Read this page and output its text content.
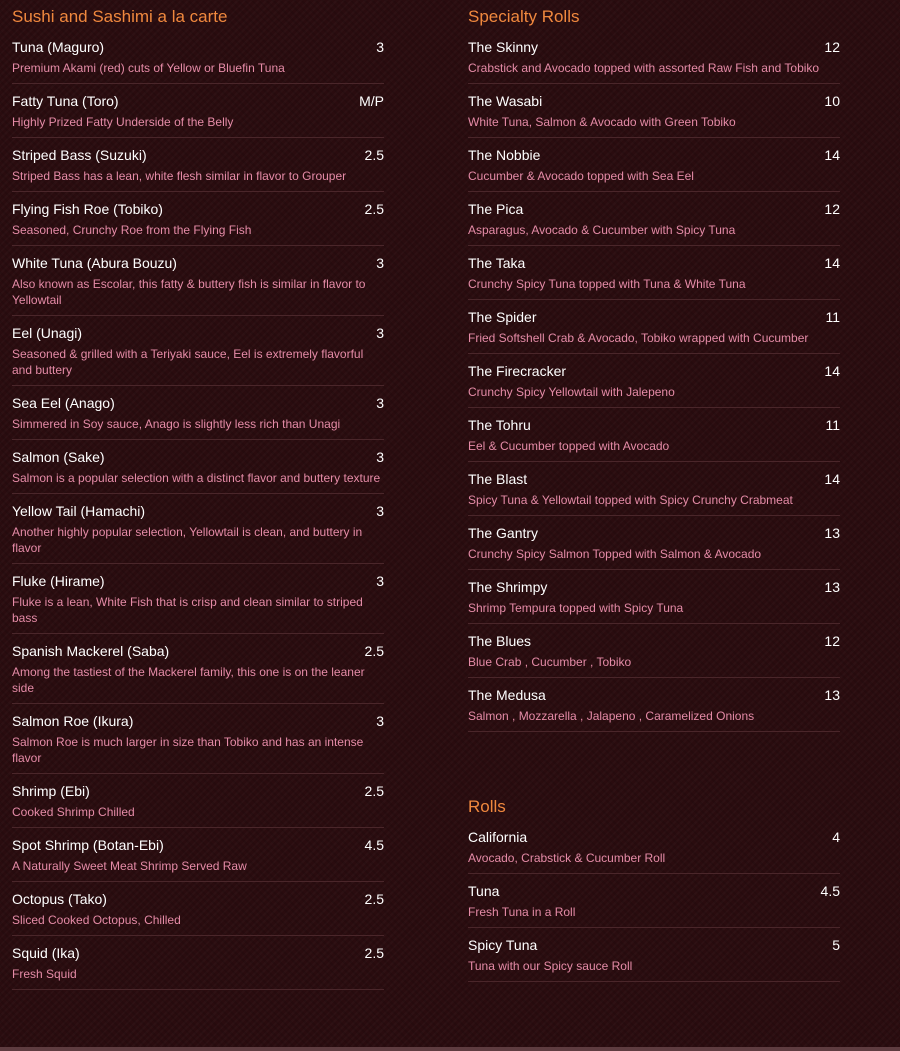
Sushi and Sashimi a la carte
Tuna (Maguro)	3
Premium Akami (red) cuts of Yellow or Bluefin Tuna
Fatty Tuna (Toro)	M/P
Highly Prized Fatty Underside of the Belly
Striped Bass (Suzuki)	2.5
Striped Bass has a lean, white flesh similar in flavor to Grouper
Flying Fish Roe (Tobiko)	2.5
Seasoned, Crunchy Roe from the Flying Fish
White Tuna (Abura Bouzu)	3
Also known as Escolar, this fatty & buttery fish is similar in flavor to Yellowtail
Eel (Unagi)	3
Seasoned & grilled with a Teriyaki sauce, Eel is extremely flavorful and buttery
Sea Eel (Anago)	3
Simmered in Soy sauce, Anago is slightly less rich than Unagi
Salmon (Sake)	3
Salmon is a popular selection with a distinct flavor and buttery texture
Yellow Tail (Hamachi)	3
Another highly popular selection, Yellowtail is clean, and buttery in flavor
Fluke (Hirame)	3
Fluke is a lean, White Fish that is crisp and clean similar to striped bass
Spanish Mackerel (Saba)	2.5
Among the tastiest of the Mackerel family, this one is on the leaner side
Salmon Roe (Ikura)	3
Salmon Roe is much larger in size than Tobiko and has an intense flavor
Shrimp (Ebi)	2.5
Cooked Shrimp Chilled
Spot Shrimp (Botan-Ebi)	4.5
A Naturally Sweet Meat Shrimp Served Raw
Octopus (Tako)	2.5
Sliced Cooked Octopus, Chilled
Squid (Ika)	2.5
Fresh Squid
Specialty Rolls
The Skinny	12
Crabstick and Avocado topped with assorted Raw Fish and Tobiko
The Wasabi	10
White Tuna, Salmon & Avocado with Green Tobiko
The Nobbie	14
Cucumber & Avocado topped with Sea Eel
The Pica	12
Asparagus, Avocado & Cucumber with Spicy Tuna
The Taka	14
Crunchy Spicy Tuna topped with Tuna & White Tuna
The Spider	11
Fried Softshell Crab & Avocado, Tobiko wrapped with Cucumber
The Firecracker	14
Crunchy Spicy Yellowtail with Jalepeno
The Tohru	11
Eel & Cucumber topped with Avocado
The Blast	14
Spicy Tuna & Yellowtail topped with Spicy Crunchy Crabmeat
The Gantry	13
Crunchy Spicy Salmon Topped with Salmon & Avocado
The Shrimpy	13
Shrimp Tempura topped with Spicy Tuna
The Blues	12
Blue Crab , Cucumber , Tobiko
The Medusa	13
Salmon , Mozzarella , Jalapeno , Caramelized Onions
Rolls
California	4
Avocado, Crabstick & Cucumber Roll
Tuna	4.5
Fresh Tuna in a Roll
Spicy Tuna	5
Tuna with our Spicy sauce Roll
